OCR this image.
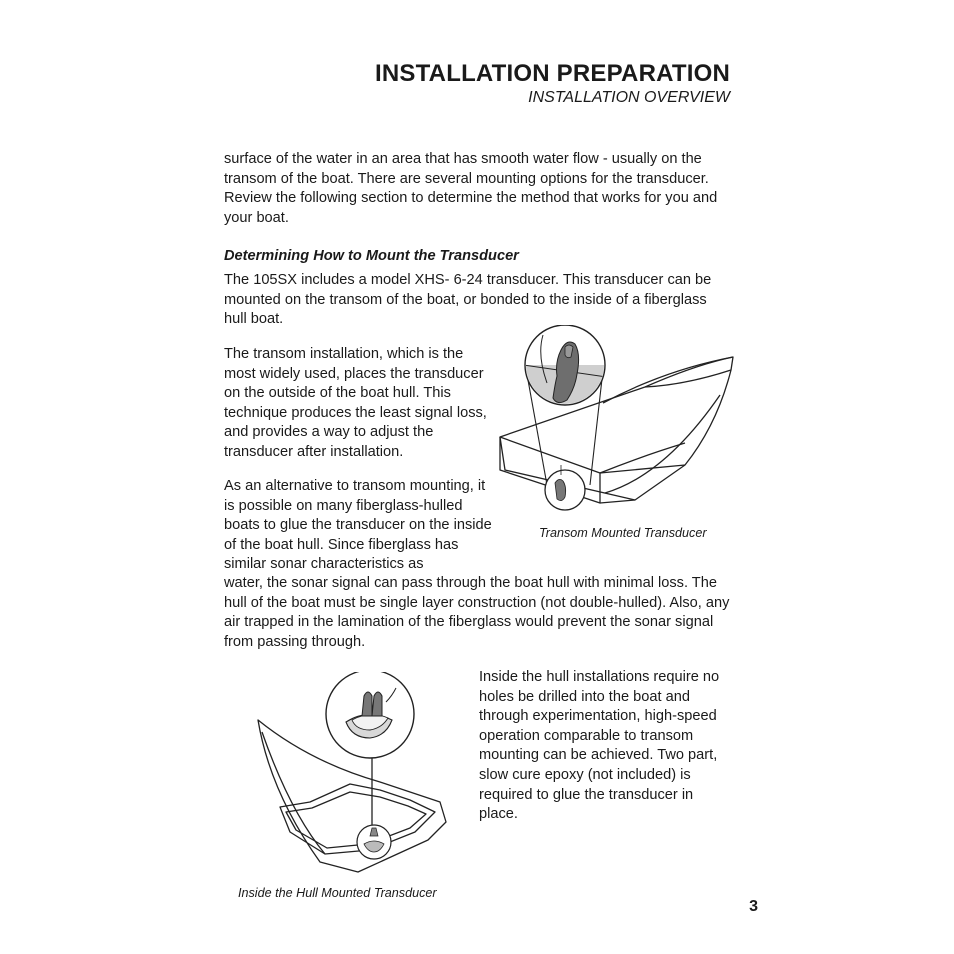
INSTALLATION PREPARATION

INSTALLATION OVERVIEW

surface of the water in an area that has smooth water flow - usually on the transom of the boat. There are several mounting options for the transducer. Review the following section to determine the method that works for you and your boat.

Determining How to Mount the Transducer

The 105SX includes a model XHS- 6-24 transducer. This transducer can be mounted on the transom of the boat, or bonded to the inside of a fiberglass hull boat.

The transom installation, which is the most widely used, places the transducer on the outside of the boat hull. This technique produces the least signal loss, and provides a way to adjust the transducer after installation.

As an alternative to transom mounting, it is possible on many fiberglass-hulled boats to glue the transducer on the inside of the boat hull. Since fiberglass has similar sonar characteristics as

water, the sonar signal can pass through the boat hull with minimal loss. The hull of the boat must be single layer construction (not double-hulled). Also, any air trapped in the lamination of the fiberglass would prevent the sonar signal from passing through.

Inside the hull installations require no holes be drilled into the boat and through experimentation, high-speed operation comparable to transom mounting can be achieved. Two part, slow cure epoxy (not included) is required to glue the transducer in place.

Transom Mounted Transducer

Inside the Hull Mounted Transducer

3
